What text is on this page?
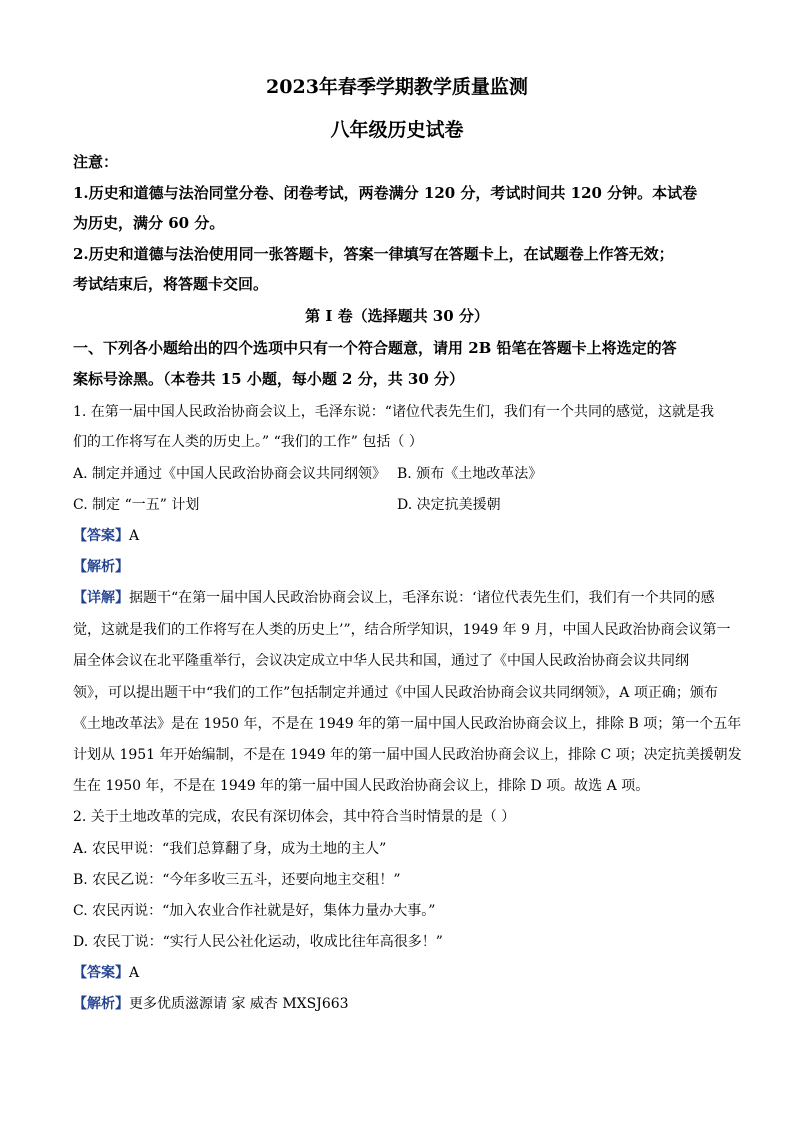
2023年春季学期教学质量监测
八年级历史试卷
注意：
1.历史和道德与法治同堂分卷、闭卷考试，两卷满分 120 分，考试时间共 120 分钟。本试卷
为历史，满分 60 分。
2.历史和道德与法治使用同一张答题卡，答案一律填写在答题卡上，在试题卷上作答无效；
考试结束后，将答题卡交回。
第 I 卷（选择题共 30 分）
一、下列各小题给出的四个选项中只有一个符合题意，请用 2B 铅笔在答题卡上将选定的答
案标号涂黑。（本卷共 15 小题，每小题 2 分，共 30 分）
1. 在第一届中国人民政治协商会议上，毛泽东说：“诸位代表先生们，我们有一个共同的感觉，这就是我
们的工作将写在人类的历史上。” “我们的工作” 包括（ ）
A. 制定并通过《中国人民政治协商会议共同纲领》 B. 颁布《土地改革法》
C. 制定 “一五” 计划	D. 决定抗美援朝
【答案】A
【解析】
【详解】据题干“在第一届中国人民政治协商会议上，毛泽东说：‘诸位代表先生们，我们有一个共同的感
觉，这就是我们的工作将写在人类的历史上’”，结合所学知识，1949 年 9 月，中国人民政治协商会议第一
届全体会议在北平隆重举行，会议决定成立中华人民共和国，通过了《中国人民政治协商会议共同纲
领》，可以提出题干中“我们的工作”包括制定并通过《中国人民政治协商会议共同纲领》，A 项正确；颁布
《土地改革法》是在 1950 年，不是在 1949 年的第一届中国人民政治协商会议上，排除 B 项；第一个五年
计划从 1951 年开始编制，不是在 1949 年的第一届中国人民政治协商会议上，排除 C 项；决定抗美援朝发
生在 1950 年，不是在 1949 年的第一届中国人民政治协商会议上，排除 D 项。故选 A 项。
2. 关于土地改革的完成，农民有深切体会，其中符合当时情景的是（ ）
A. 农民甲说：“我们总算翻了身，成为土地的主人”
B. 农民乙说：“今年多收三五斗，还要向地主交租！”
C. 农民丙说：“加入农业合作社就是好，集体力量办大事。”
D. 农民丁说：“实行人民公社化运动，收成比往年高很多！”
【答案】A
【解析】更多优质滋源请 家 威杏 MXSJ663
